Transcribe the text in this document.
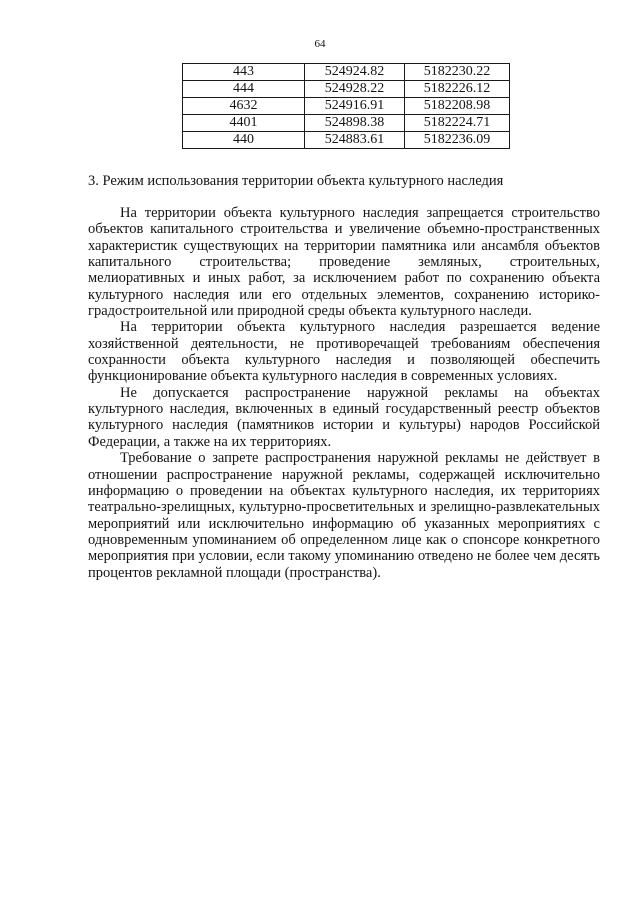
64
443	524924.82	5182230.22
444	524928.22	5182226.12
4632	524916.91	5182208.98
4401	524898.38	5182224.71
440	524883.61	5182236.09
3. Режим использования территории объекта культурного наследия

На территории объекта культурного наследия запрещается строительство объектов капитального строительства и увеличение объемно-пространственных характеристик существующих на территории памятника или ансамбля объектов капитального строительства; проведение земляных, строительных, мелиоративных и иных работ, за исключением работ по сохранению объекта культурного наследия или его отдельных элементов, сохранению историко-градостроительной или природной среды объекта культурного наследи.

На территории объекта культурного наследия разрешается ведение хозяйственной деятельности, не противоречащей требованиям обеспечения сохранности объекта культурного наследия и позволяющей обеспечить функционирование объекта культурного наследия в современных условиях.

Не допускается распространение наружной рекламы на объектах культурного наследия, включенных в единый государственный реестр объектов культурного наследия (памятников истории и культуры) народов Российской Федерации, а также на их территориях.

Требование о запрете распространения наружной рекламы не действует в отношении распространение наружной рекламы, содержащей исключительно информацию о проведении на объектах культурного наследия, их территориях театрально-зрелищных, культурно-просветительных и зрелищно-развлекательных мероприятий или исключительно информацию об указанных мероприятиях с одновременным упоминанием об определенном лице как о спонсоре конкретного мероприятия при условии, если такому упоминанию отведено не более чем десять процентов рекламной площади (пространства).
